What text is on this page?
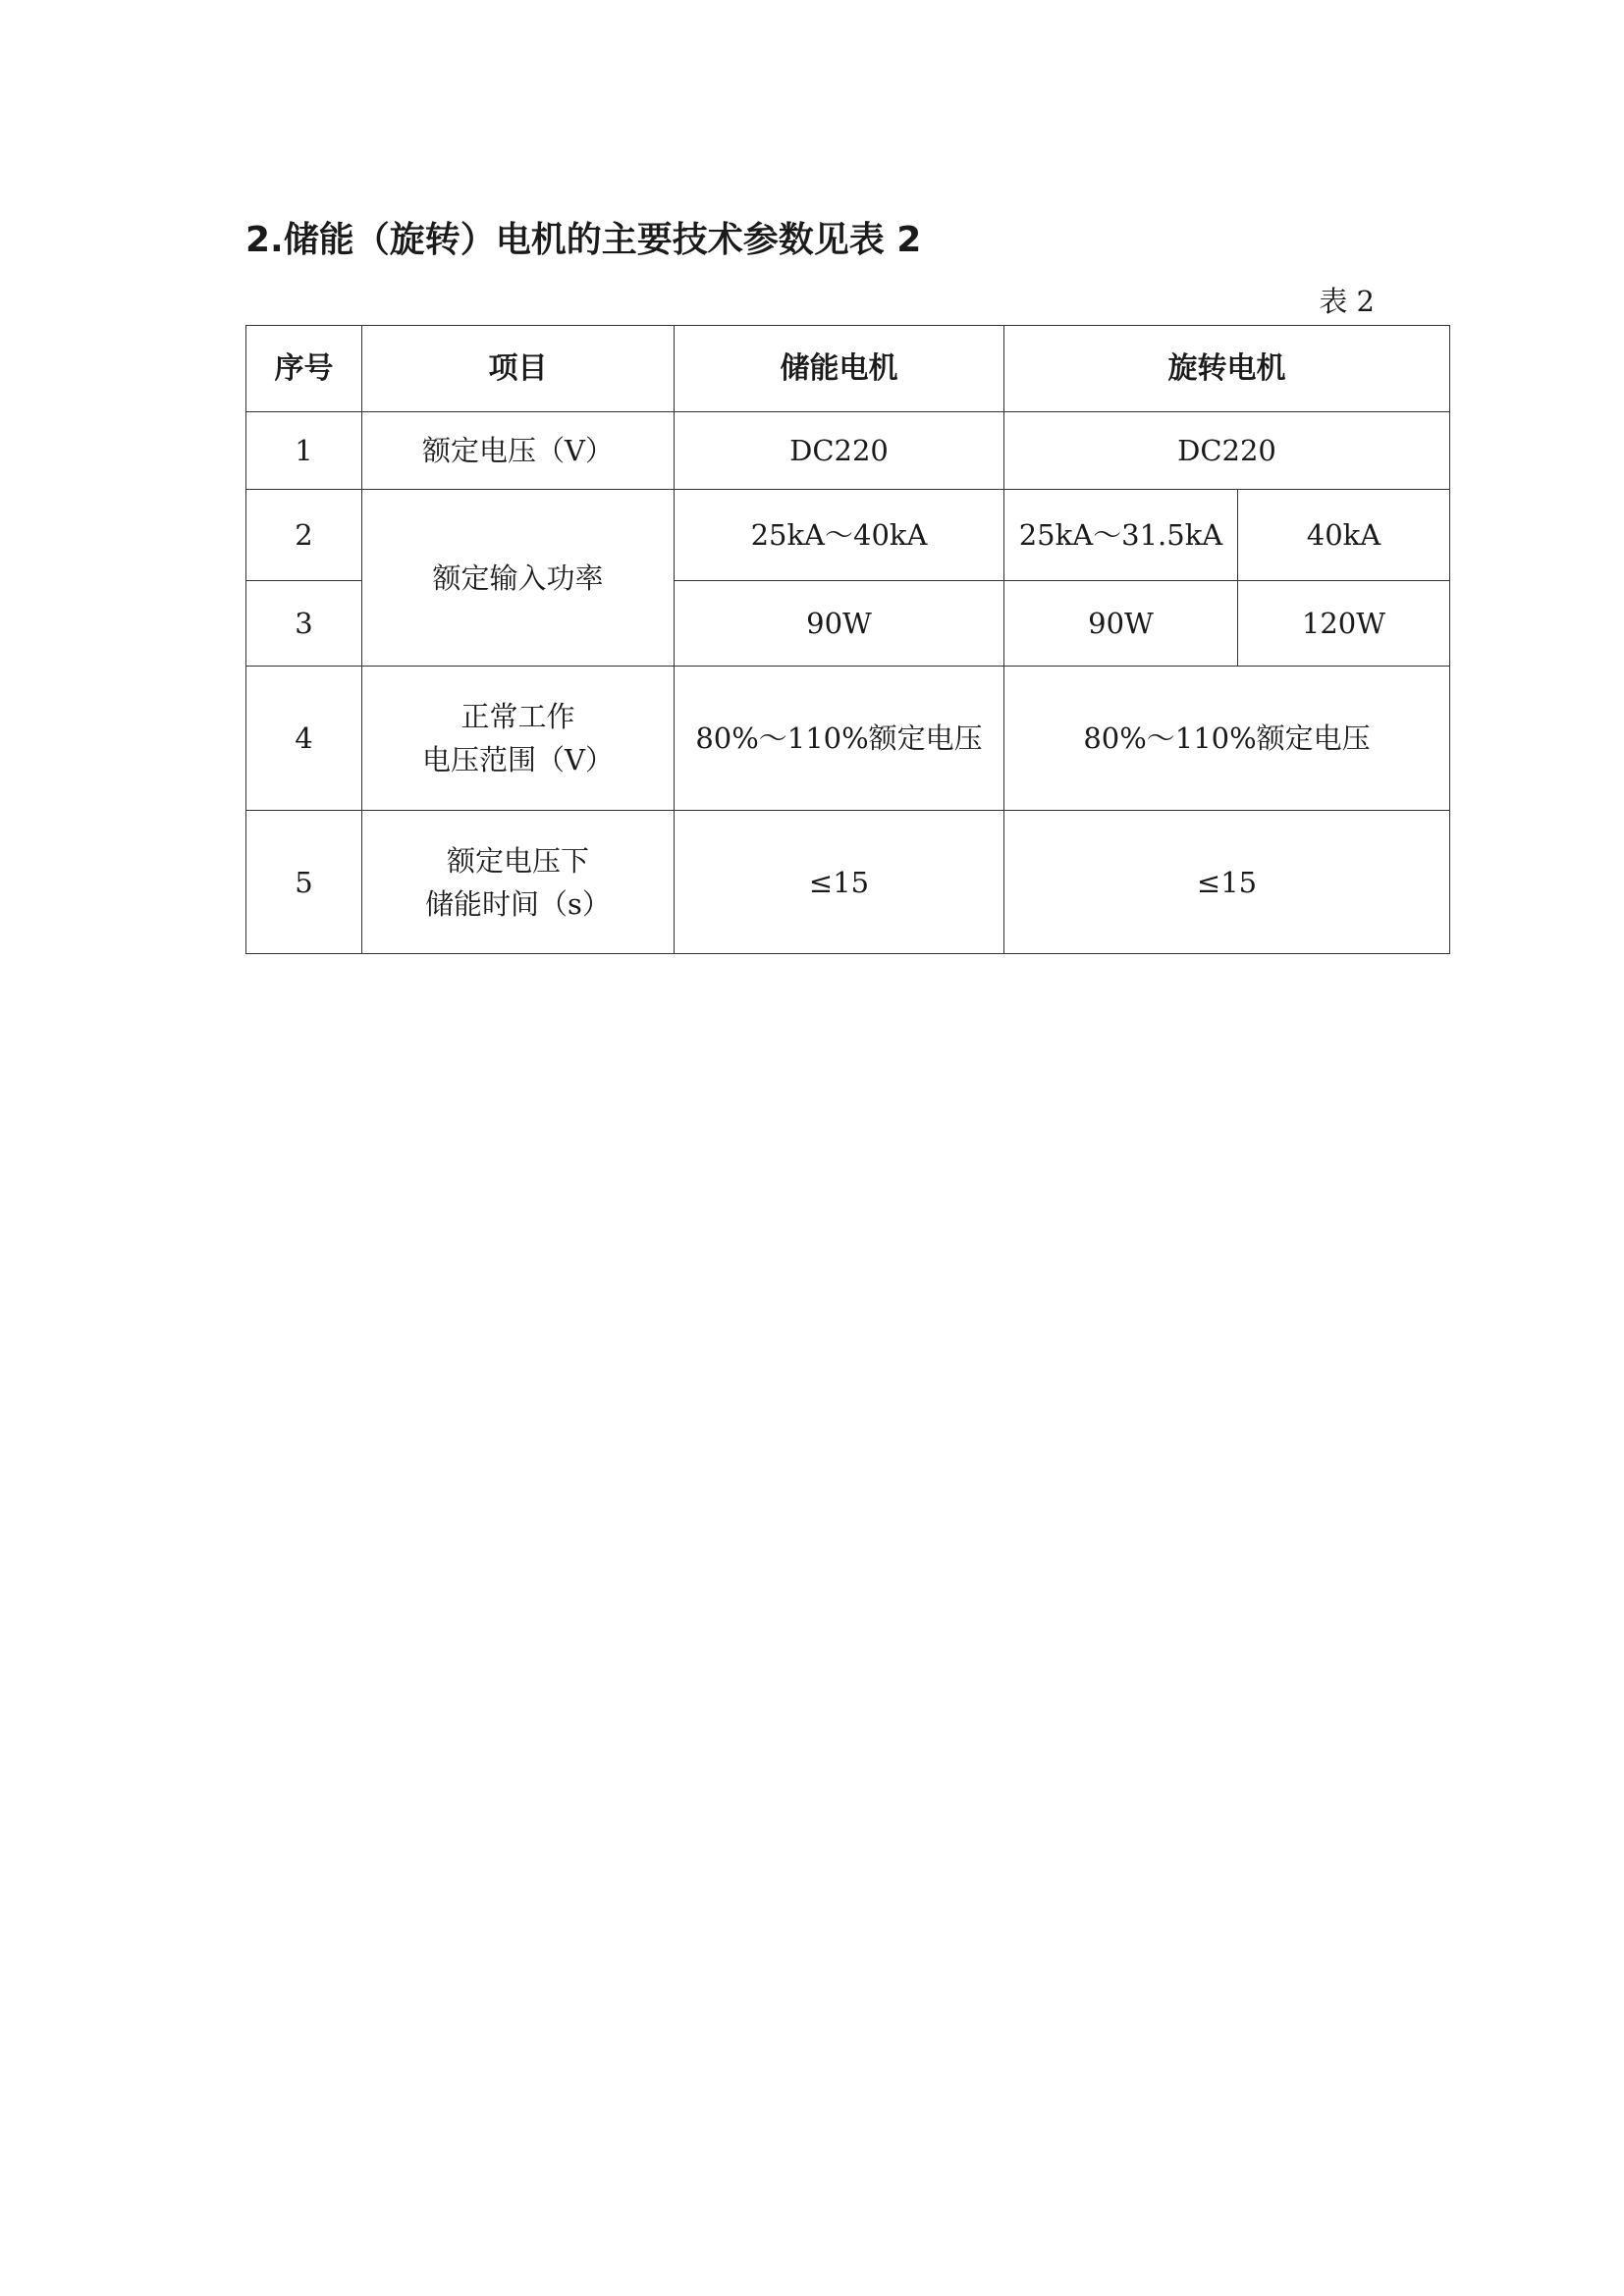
2.储能（旋转）电机的主要技术参数见表 2
表 2
序号	项目	储能电机	旋转电机	
1	额定电压（V）	DC220	DC220	
2	额定输入功率	25kA～40kA	25kA～31.5kA	40kA
3		90W	90W	120W
4	正常工作
电压范围（V）	80%～110%额定电压	80%～110%额定电压	
5	额定电压下
储能时间（s）	≤15	≤15	
